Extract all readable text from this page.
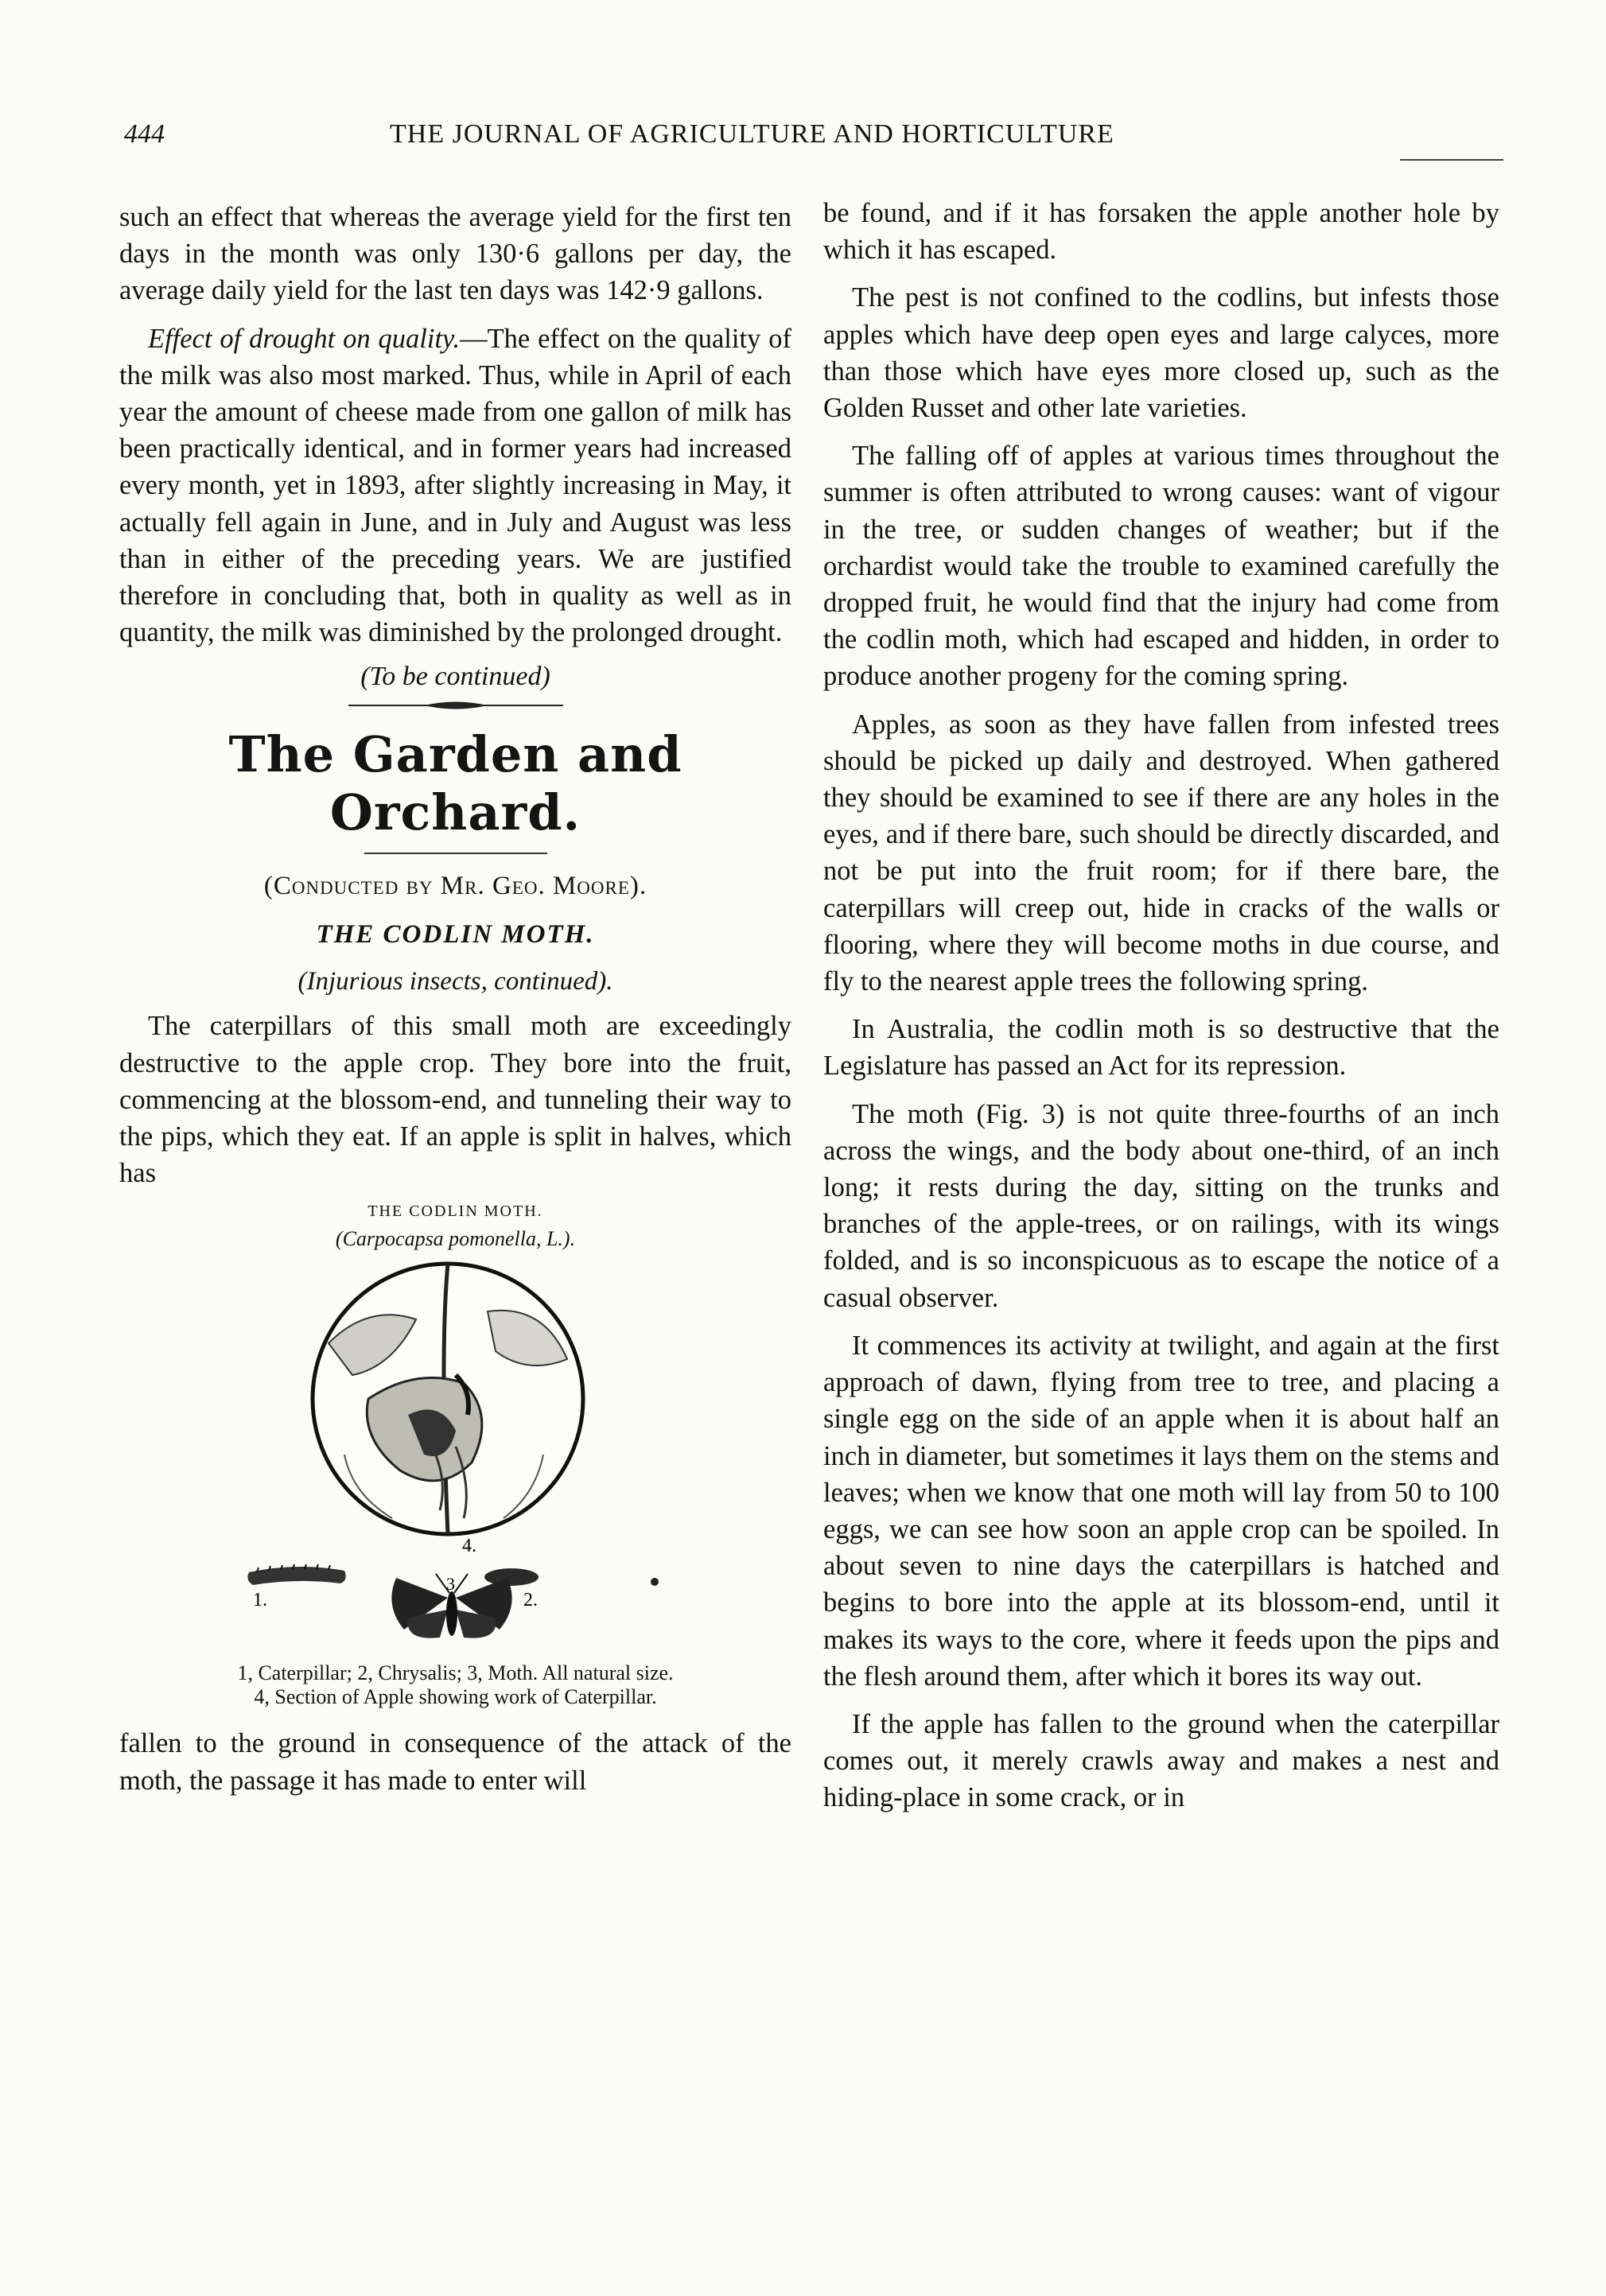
444	THE JOURNAL OF AGRICULTURE AND HORTICULTURE

such an effect that whereas the average yield for the first ten days in the month was only 130·6 gallons per day, the average daily yield for the last ten days was 142·9 gallons.

Effect of drought on quality.—The effect on the quality of the milk was also most marked. Thus, while in April of each year the amount of cheese made from one gallon of milk has been practically identical, and in former years had increased every month, yet in 1893, after slightly increasing in May, it actually fell again in June, and in July and August was less than in either of the preceding years. We are justified therefore in concluding that, both in quality as well as in quantity, the milk was diminished by the prolonged drought.

(To be continued)
The Garden and Orchard.
(Conducted by Mr. Geo. Moore).
THE CODLIN MOTH.
(Injurious insects, continued).

The caterpillars of this small moth are exceedingly destructive to the apple crop. They bore into the fruit, commencing at the blossom-end, and tunneling their way to the pips, which they eat. If an apple is split in halves, which has

THE CODLIN MOTH.
(Carpocapsa pomonella, L.).
1.	2.
3
4.
1, Caterpillar; 2, Chrysalis; 3, Moth. All natural size.
4, Section of Apple showing work of Caterpillar.

fallen to the ground in consequence of the attack of the moth, the passage it has made to enter will

be found, and if it has forsaken the apple another hole by which it has escaped.

The pest is not confined to the codlins, but infests those apples which have deep open eyes and large calyces, more than those which have eyes more closed up, such as the Golden Russet and other late varieties.

The falling off of apples at various times throughout the summer is often attributed to wrong causes: want of vigour in the tree, or sudden changes of weather; but if the orchardist would take the trouble to examined carefully the dropped fruit, he would find that the injury had come from the codlin moth, which had escaped and hidden, in order to produce another progeny for the coming spring.

Apples, as soon as they have fallen from infested trees should be picked up daily and destroyed. When gathered they should be examined to see if there are any holes in the eyes, and if there bare, such should be directly discarded, and not be put into the fruit room; for if there bare, the caterpillars will creep out, hide in cracks of the walls or flooring, where they will become moths in due course, and fly to the nearest apple trees the following spring.

In Australia, the codlin moth is so destructive that the Legislature has passed an Act for its repression.

The moth (Fig. 3) is not quite three-fourths of an inch across the wings, and the body about one-third, of an inch long; it rests during the day, sitting on the trunks and branches of the apple-trees, or on railings, with its wings folded, and is so inconspicuous as to escape the notice of a casual observer.

It commences its activity at twilight, and again at the first approach of dawn, flying from tree to tree, and placing a single egg on the side of an apple when it is about half an inch in diameter, but sometimes it lays them on the stems and leaves; when we know that one moth will lay from 50 to 100 eggs, we can see how soon an apple crop can be spoiled. In about seven to nine days the caterpillars is hatched and begins to bore into the apple at its blossom-end, until it makes its ways to the core, where it feeds upon the pips and the flesh around them, after which it bores its way out.

If the apple has fallen to the ground when the caterpillar comes out, it merely crawls away and makes a nest and hiding-place in some crack, or in
